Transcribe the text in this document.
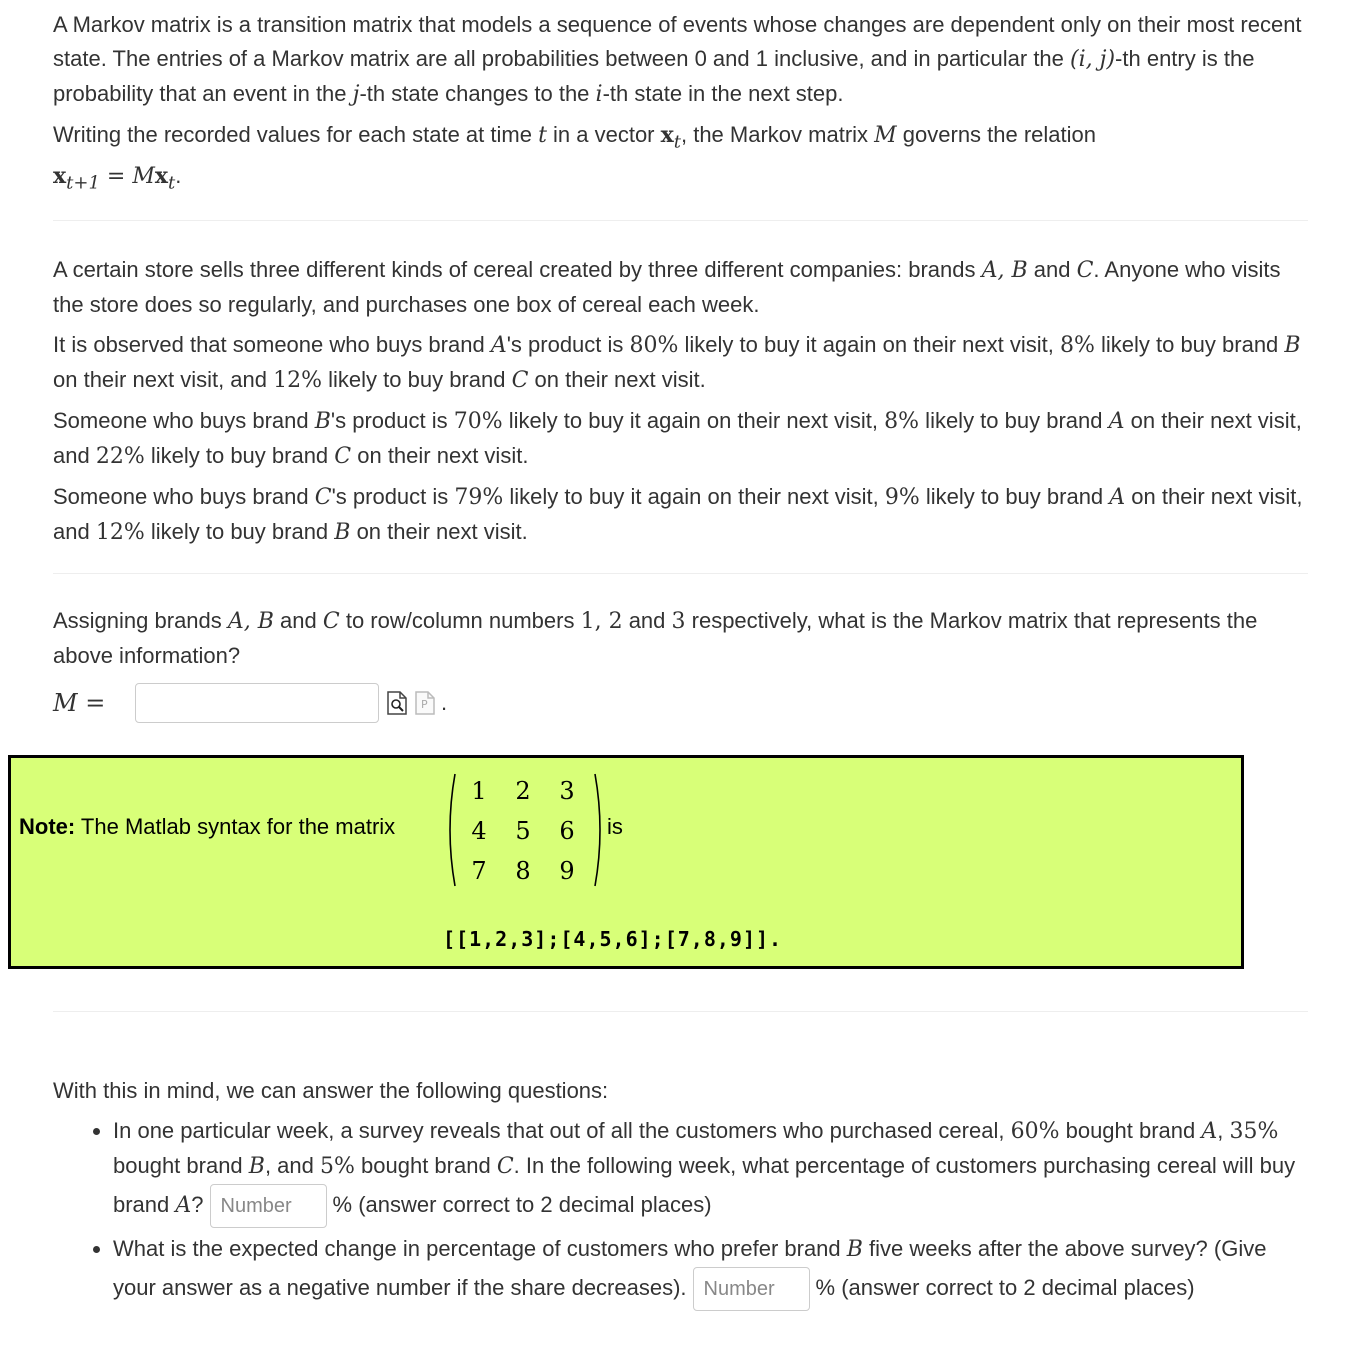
A Markov matrix is a transition matrix that models a sequence of events whose changes are dependent only on their most recent state. The entries of a Markov matrix are all probabilities between 0 and 1 inclusive, and in particular the (i, j)-th entry is the probability that an event in the j-th state changes to the i-th state in the next step.

Writing the recorded values for each state at time t in a vector $x_t$, the Markov matrix M governs the relation
$x_{t+1} = Mx_t$.

A certain store sells three different kinds of cereal created by three different companies: brands A, B and C. Anyone who visits the store does so regularly, and purchases one box of cereal each week.

It is observed that someone who buys brand A's product is 80% likely to buy it again on their next visit, 8% likely to buy brand B on their next visit, and 12% likely to buy brand C on their next visit.

Someone who buys brand B's product is 70% likely to buy it again on their next visit, 8% likely to buy brand A on their next visit, and 22% likely to buy brand C on their next visit.

Someone who buys brand C's product is 79% likely to buy it again on their next visit, 9% likely to buy brand A on their next visit, and 12% likely to buy brand B on their next visit.

Assigning brands A, B and C to row/column numbers 1, 2 and 3 respectively, what is the Markov matrix that represents the above information?

M =	P .
Note: The Matlab syntax for the matrix
1	2	3
4	5	6
7	8	9
is
[[1,2,3];[4,5,6];[7,8,9]].

With this in mind, we can answer the following questions:

• In one particular week, a survey reveals that out of all the customers who purchased cereal, 60% bought brand A, 35% bought brand B, and 5% bought brand C. In the following week, what percentage of customers purchasing cereal will buy brand A? Number % (answer correct to 2 decimal places)
• What is the expected change in percentage of customers who prefer brand B five weeks after the above survey? (Give your answer as a negative number if the share decreases). Number % (answer correct to 2 decimal places)
